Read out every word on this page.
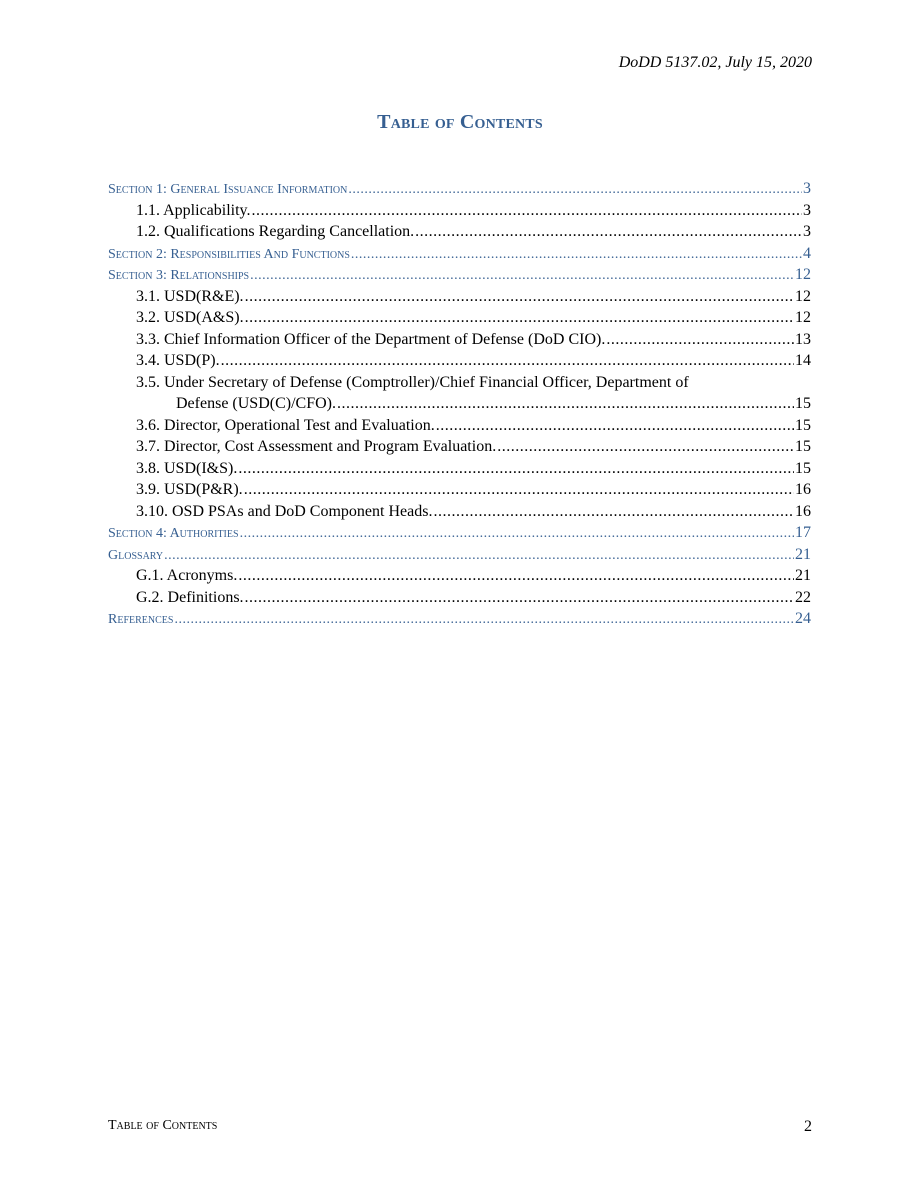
DoDD 5137.02, July 15, 2020
Table of Contents
Section 1: General Issuance Information .....	3
1.1. Applicability. .....	3
1.2. Qualifications Regarding Cancellation. .....	3
Section 2: Responsibilities And Functions .....	4
Section 3: Relationships .....	12
3.1. USD(R&E). .....	12
3.2. USD(A&S). .....	12
3.3. Chief Information Officer of the Department of Defense (DoD CIO). .....	13
3.4. USD(P). .....	14
3.5. Under Secretary of Defense (Comptroller)/Chief Financial Officer, Department of
Defense (USD(C)/CFO). .....	15
3.6. Director, Operational Test and Evaluation. .....	15
3.7. Director, Cost Assessment and Program Evaluation. .....	15
3.8. USD(I&S). .....	15
3.9. USD(P&R). .....	16
3.10. OSD PSAs and DoD Component Heads. .....	16
Section 4: Authorities .....	17
Glossary .....	21
G.1. Acronyms. .....	21
G.2. Definitions. .....	22
References .....	24
Table of Contents	2
